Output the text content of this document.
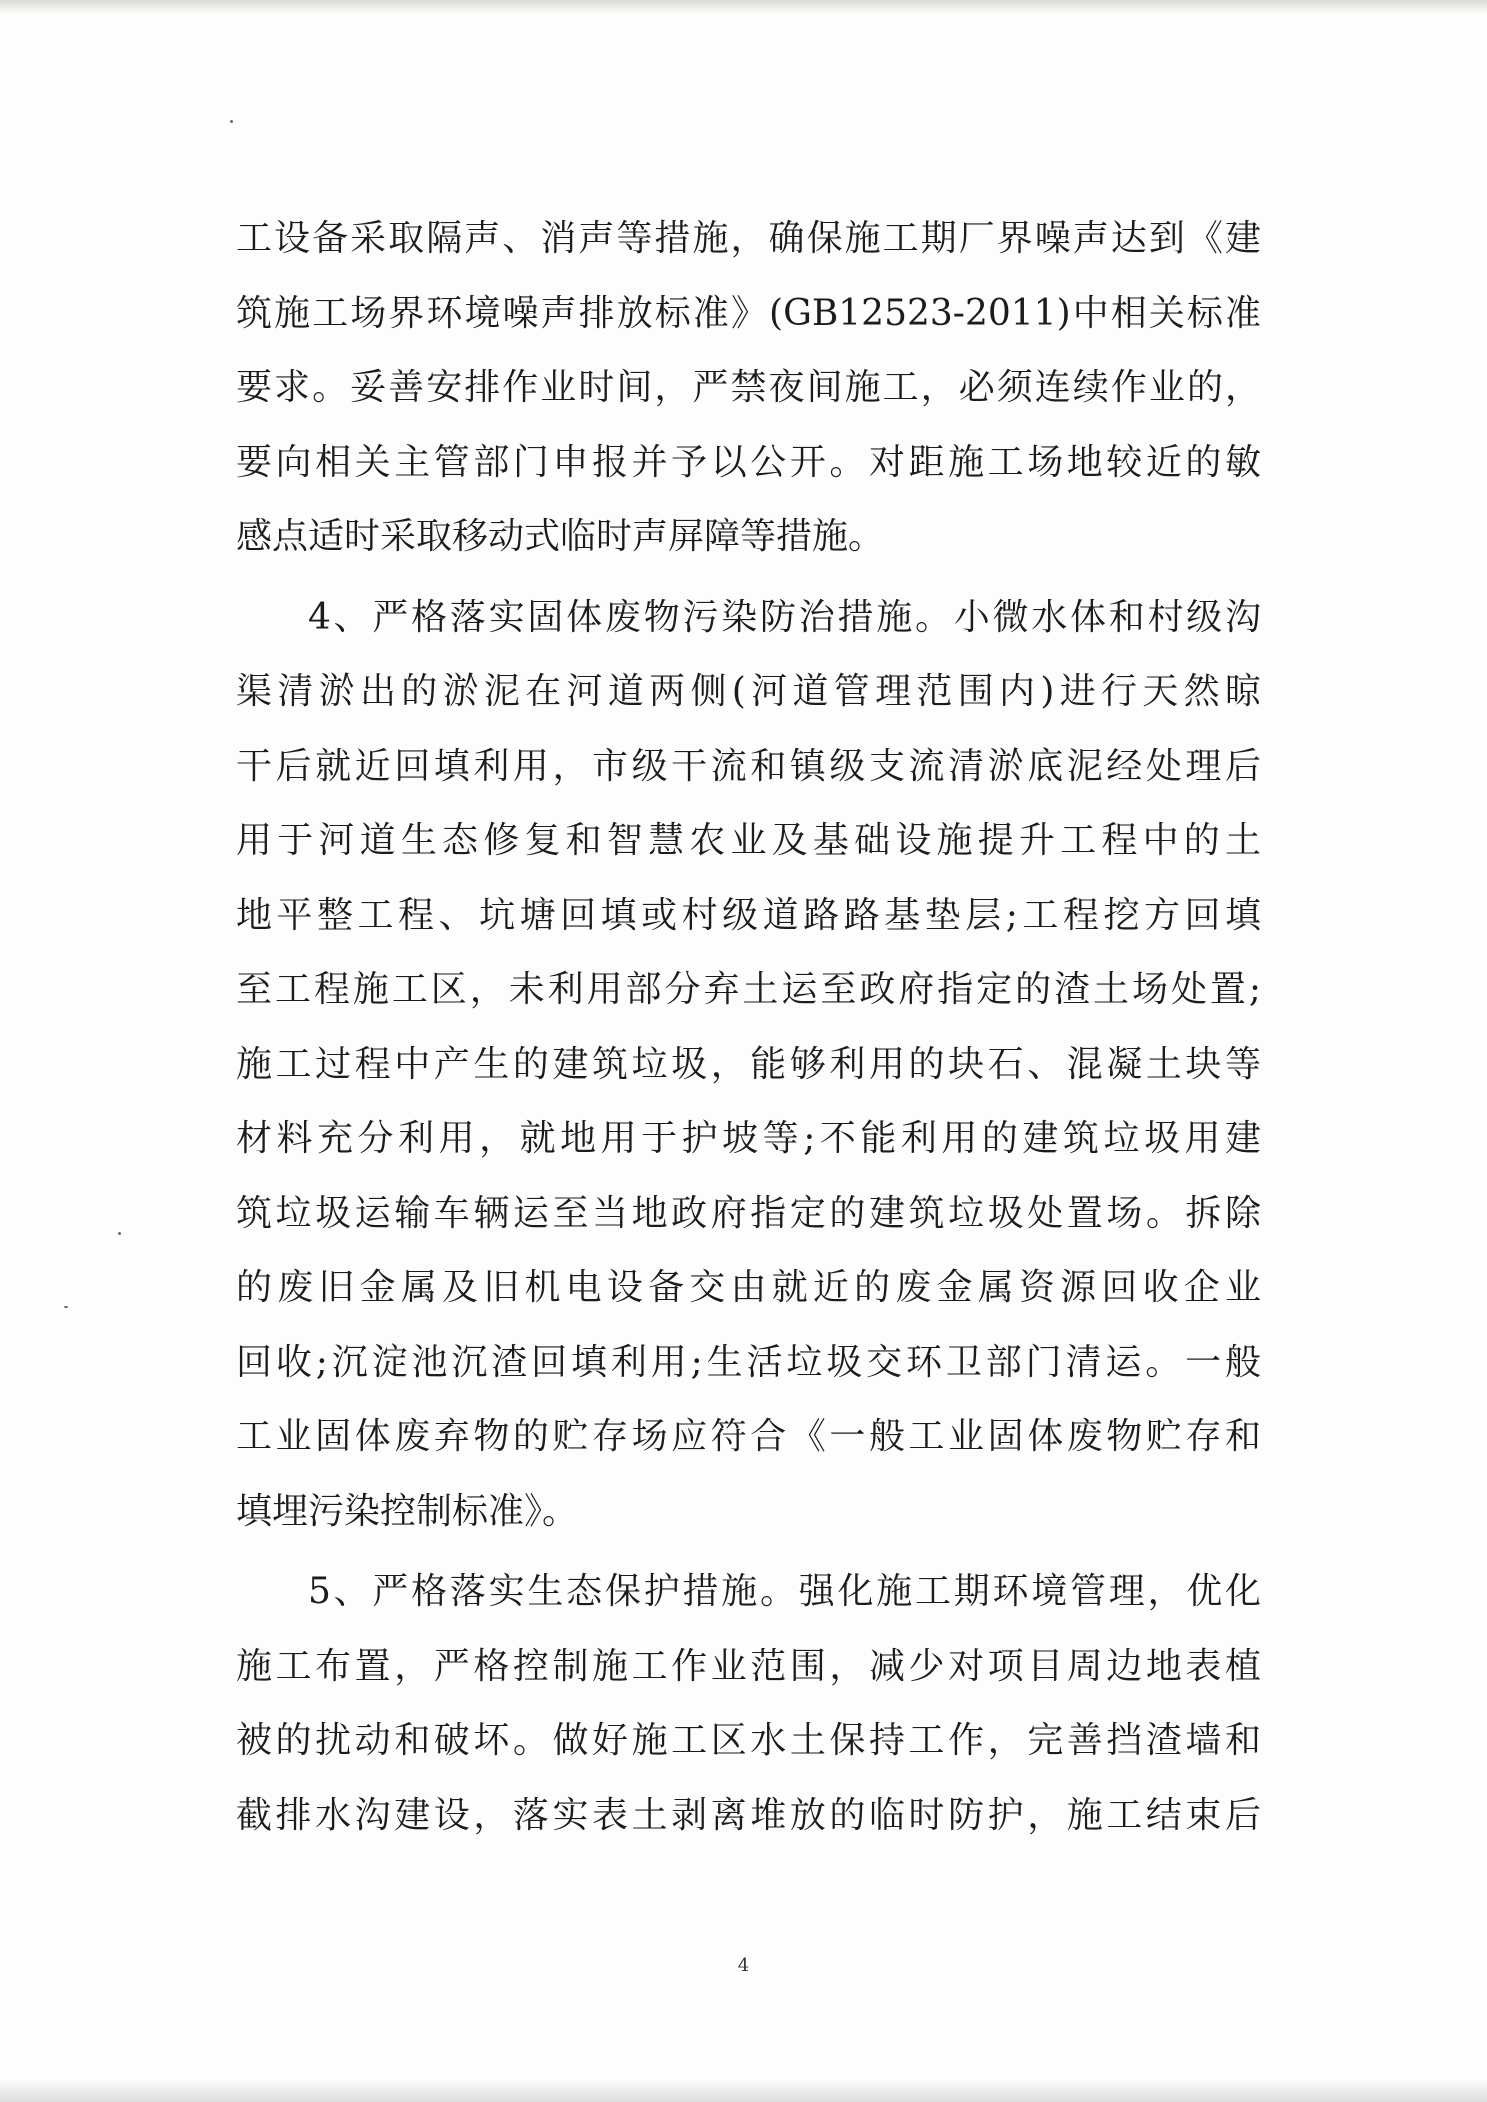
工设备采取隔声、消声等措施，确保施工期厂界噪声达到《建
筑施工场界环境噪声排放标准》(GB12523-2011)中相关标准
要求。妥善安排作业时间，严禁夜间施工，必须连续作业的，
要向相关主管部门申报并予以公开。对距施工场地较近的敏
感点适时采取移动式临时声屏障等措施。
4、严格落实固体废物污染防治措施。小微水体和村级沟
渠清淤出的淤泥在河道两侧(河道管理范围内)进行天然晾
干后就近回填利用，市级干流和镇级支流清淤底泥经处理后
用于河道生态修复和智慧农业及基础设施提升工程中的土
地平整工程、坑塘回填或村级道路路基垫层;工程挖方回填
至工程施工区，未利用部分弃土运至政府指定的渣土场处置;
施工过程中产生的建筑垃圾，能够利用的块石、混凝土块等
材料充分利用，就地用于护坡等;不能利用的建筑垃圾用建
筑垃圾运输车辆运至当地政府指定的建筑垃圾处置场。拆除
的废旧金属及旧机电设备交由就近的废金属资源回收企业
回收;沉淀池沉渣回填利用;生活垃圾交环卫部门清运。一般
工业固体废弃物的贮存场应符合《一般工业固体废物贮存和
填埋污染控制标准》。
5、严格落实生态保护措施。强化施工期环境管理，优化
施工布置，严格控制施工作业范围，减少对项目周边地表植
被的扰动和破坏。做好施工区水土保持工作，完善挡渣墙和
截排水沟建设，落实表土剥离堆放的临时防护，施工结束后
4
